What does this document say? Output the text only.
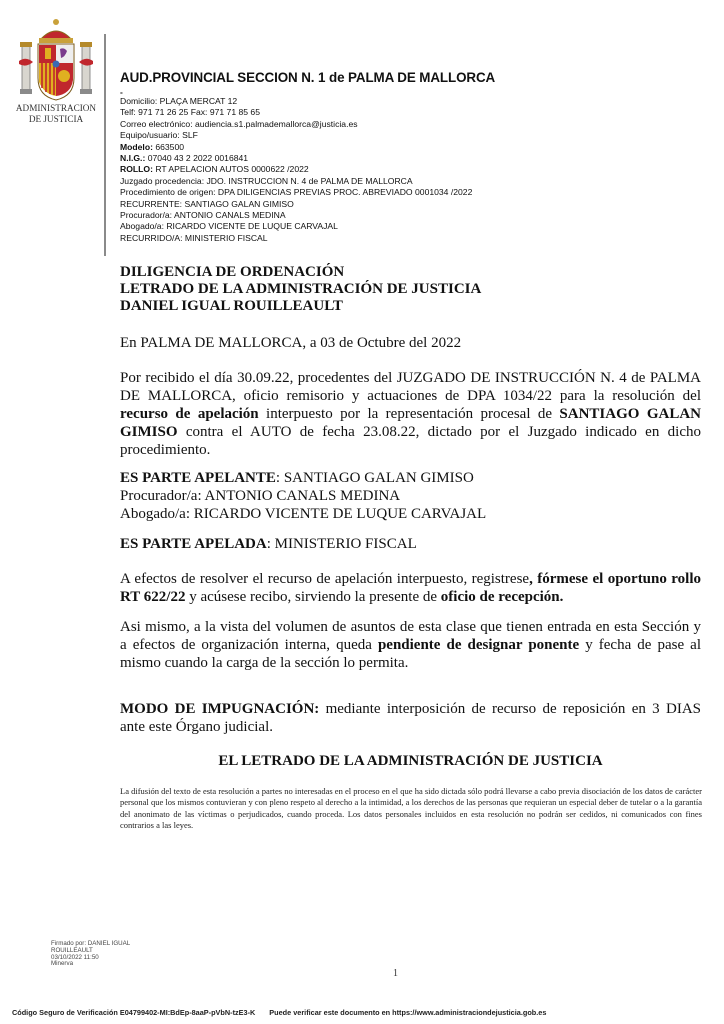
ADMINISTRACION
DE JUSTICIA
AUD.PROVINCIAL SECCION N. 1 de PALMA DE MALLORCA
-
Domicilio: PLAÇA MERCAT 12
Telf: 971 71 26 25 Fax: 971 71 85 65
Correo electrónico: audiencia.s1.palmademallorca@justicia.es
Equipo/usuario: SLF
Modelo: 663500
N.I.G.: 07040 43 2 2022 0016841
ROLLO: RT APELACION AUTOS 0000622 /2022
Juzgado procedencia: JDO. INSTRUCCION N. 4 de PALMA DE MALLORCA
Procedimiento de origen: DPA DILIGENCIAS PREVIAS PROC. ABREVIADO 0001034 /2022
RECURRENTE: SANTIAGO GALAN GIMISO
Procurador/a: ANTONIO CANALS MEDINA
Abogado/a: RICARDO VICENTE DE LUQUE CARVAJAL
RECURRIDO/A: MINISTERIO FISCAL
DILIGENCIA DE ORDENACIÓN
LETRADO DE LA ADMINISTRACIÓN DE JUSTICIA
DANIEL IGUAL ROUILLEAULT
En PALMA DE MALLORCA, a 03 de Octubre del 2022
Por recibido el día 30.09.22, procedentes del JUZGADO DE INSTRUCCIÓN N. 4 de PALMA DE MALLORCA, oficio remisorio y actuaciones de DPA 1034/22 para la resolución del recurso de apelación interpuesto por la representación procesal de SANTIAGO GALAN GIMISO contra el AUTO de fecha 23.08.22, dictado por el Juzgado indicado en dicho procedimiento.
ES PARTE APELANTE: SANTIAGO GALAN GIMISO
Procurador/a: ANTONIO CANALS MEDINA
Abogado/a: RICARDO VICENTE DE LUQUE CARVAJAL
ES PARTE APELADA: MINISTERIO FISCAL
A efectos de resolver el recurso de apelación interpuesto, registrese, fórmese el oportuno rollo RT 622/22 y acúsese recibo, sirviendo la presente de oficio de recepción.
Asi mismo, a la vista del volumen de asuntos de esta clase que tienen entrada en esta Sección y a efectos de organización interna, queda pendiente de designar ponente y fecha de pase al mismo cuando la carga de la sección lo permita.
MODO DE IMPUGNACIÓN: mediante interposición de recurso de reposición en 3 DIAS ante este Órgano judicial.
EL LETRADO DE LA ADMINISTRACIÓN DE JUSTICIA
La difusión del texto de esta resolución a partes no interesadas en el proceso en el que ha sido dictada sólo podrá llevarse a cabo previa disociación de los datos de carácter personal que los mismos contuvieran y con pleno respeto al derecho a la intimidad, a los derechos de las personas que requieran un especial deber de tutelar o a la garantía del anonimato de las víctimas o perjudicados, cuando proceda. Los datos personales incluidos en esta resolución no podrán ser cedidos, ni comunicados con fines contrarios a las leyes.
Firmado por: DANIEL IGUAL
ROUILLEAULT
03/10/2022 11:50
Minerva
1
Código Seguro de Verificación E04799402-MI:BdEp-8aaP-pVbN-tzE3-K Puede verificar este documento en https://www.administraciondejusticia.gob.es
